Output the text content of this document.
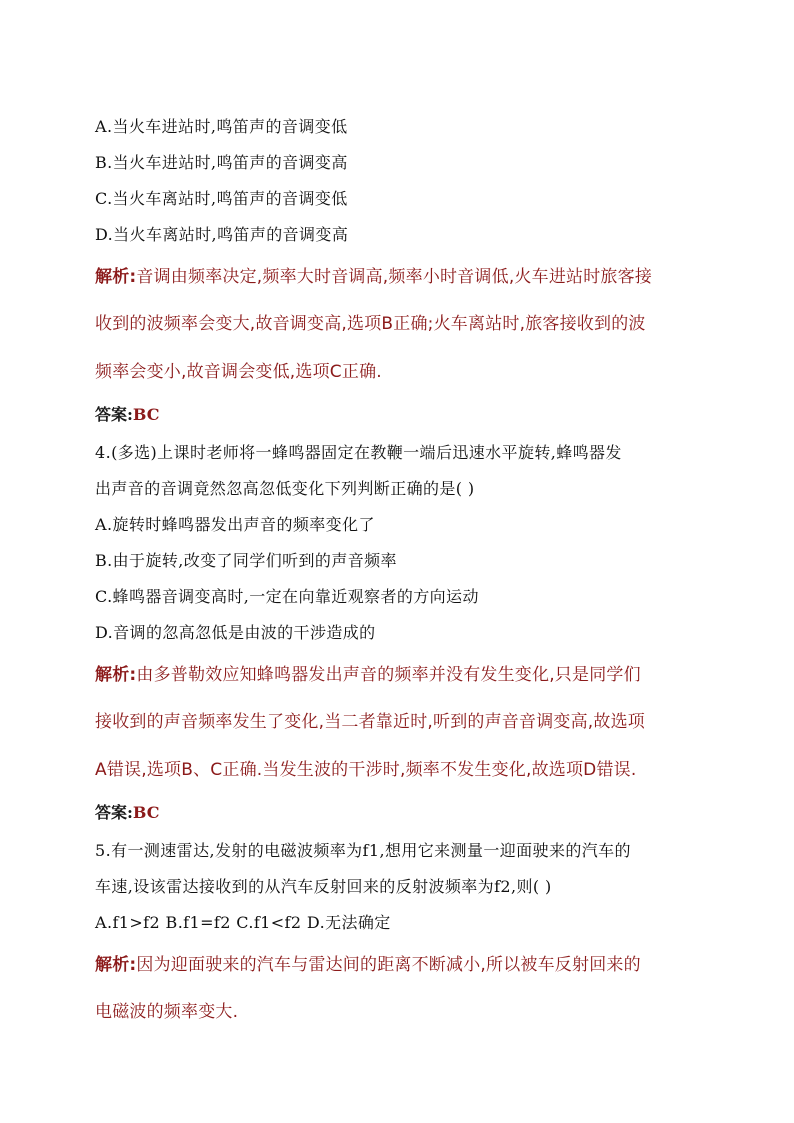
A.当火车进站时,鸣笛声的音调变低
B.当火车进站时,鸣笛声的音调变高
C.当火车离站时,鸣笛声的音调变低
D.当火车离站时,鸣笛声的音调变高
解析:音调由频率决定,频率大时音调高,频率小时音调低,火车进站时旅客接
收到的波频率会变大,故音调变高,选项B正确;火车离站时,旅客接收到的波
频率会变小,故音调会变低,选项C正确.
答案:BC
4.(多选)上课时老师将一蜂鸣器固定在教鞭一端后迅速水平旋转,蜂鸣器发
出声音的音调竟然忽高忽低变化下列判断正确的是( )
A.旋转时蜂鸣器发出声音的频率变化了
B.由于旋转,改变了同学们听到的声音频率
C.蜂鸣器音调变高时,一定在向靠近观察者的方向运动
D.音调的忽高忽低是由波的干涉造成的
解析:由多普勒效应知蜂鸣器发出声音的频率并没有发生变化,只是同学们
接收到的声音频率发生了变化,当二者靠近时,听到的声音音调变高,故选项
A错误,选项B、C正确.当发生波的干涉时,频率不发生变化,故选项D错误.
答案:BC
5.有一测速雷达,发射的电磁波频率为f1,想用它来测量一迎面驶来的汽车的
车速,设该雷达接收到的从汽车反射回来的反射波频率为f2,则( )
A.f1>f2 B.f1=f2 C.f1<f2 D.无法确定
解析:因为迎面驶来的汽车与雷达间的距离不断减小,所以被车反射回来的
电磁波的频率变大.
